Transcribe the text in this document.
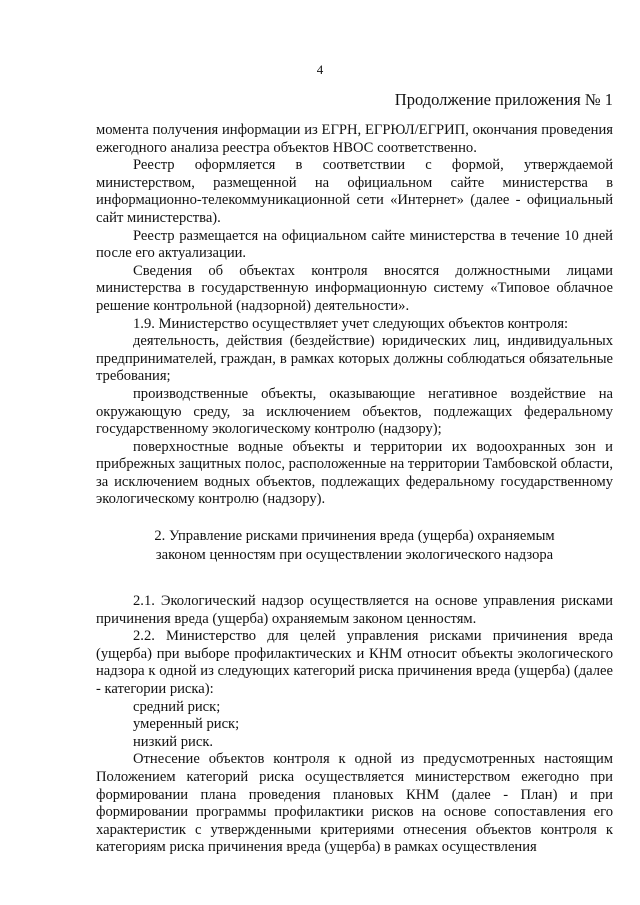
4
Продолжение приложения № 1

момента получения информации из ЕГРН, ЕГРЮЛ/ЕГРИП, окончания проведения ежегодного анализа реестра объектов НВОС соответственно.

Реестр оформляется в соответствии с формой, утверждаемой министерством, размещенной на официальном сайте министерства в информационно-телекоммуникационной сети «Интернет» (далее - официальный сайт министерства).

Реестр размещается на официальном сайте министерства в течение 10 дней после его актуализации.

Сведения об объектах контроля вносятся должностными лицами министерства в государственную информационную систему «Типовое облачное решение контрольной (надзорной) деятельности».

1.9. Министерство осуществляет учет следующих объектов контроля:

деятельность, действия (бездействие) юридических лиц, индивидуальных предпринимателей, граждан, в рамках которых должны соблюдаться обязательные требования;

производственные объекты, оказывающие негативное воздействие на окружающую среду, за исключением объектов, подлежащих федеральному государственному экологическому контролю (надзору);

поверхностные водные объекты и территории их водоохранных зон и прибрежных защитных полос, расположенные на территории Тамбовской области, за исключением водных объектов, подлежащих федеральному государственному экологическому контролю (надзору).

2. Управление рисками причинения вреда (ущерба) охраняемым
законом ценностям при осуществлении экологического надзора

2.1. Экологический надзор осуществляется на основе управления рисками причинения вреда (ущерба) охраняемым законом ценностям.

2.2. Министерство для целей управления рисками причинения вреда (ущерба) при выборе профилактических и КНМ относит объекты экологического надзора к одной из следующих категорий риска причинения вреда (ущерба) (далее - категории риска):

средний риск;

умеренный риск;

низкий риск.

Отнесение объектов контроля к одной из предусмотренных настоящим Положением категорий риска осуществляется министерством ежегодно при формировании плана проведения плановых КНМ (далее - План) и при формировании программы профилактики рисков на основе сопоставления его характеристик с утвержденными критериями отнесения объектов контроля к категориям риска причинения вреда (ущерба) в рамках осуществления
